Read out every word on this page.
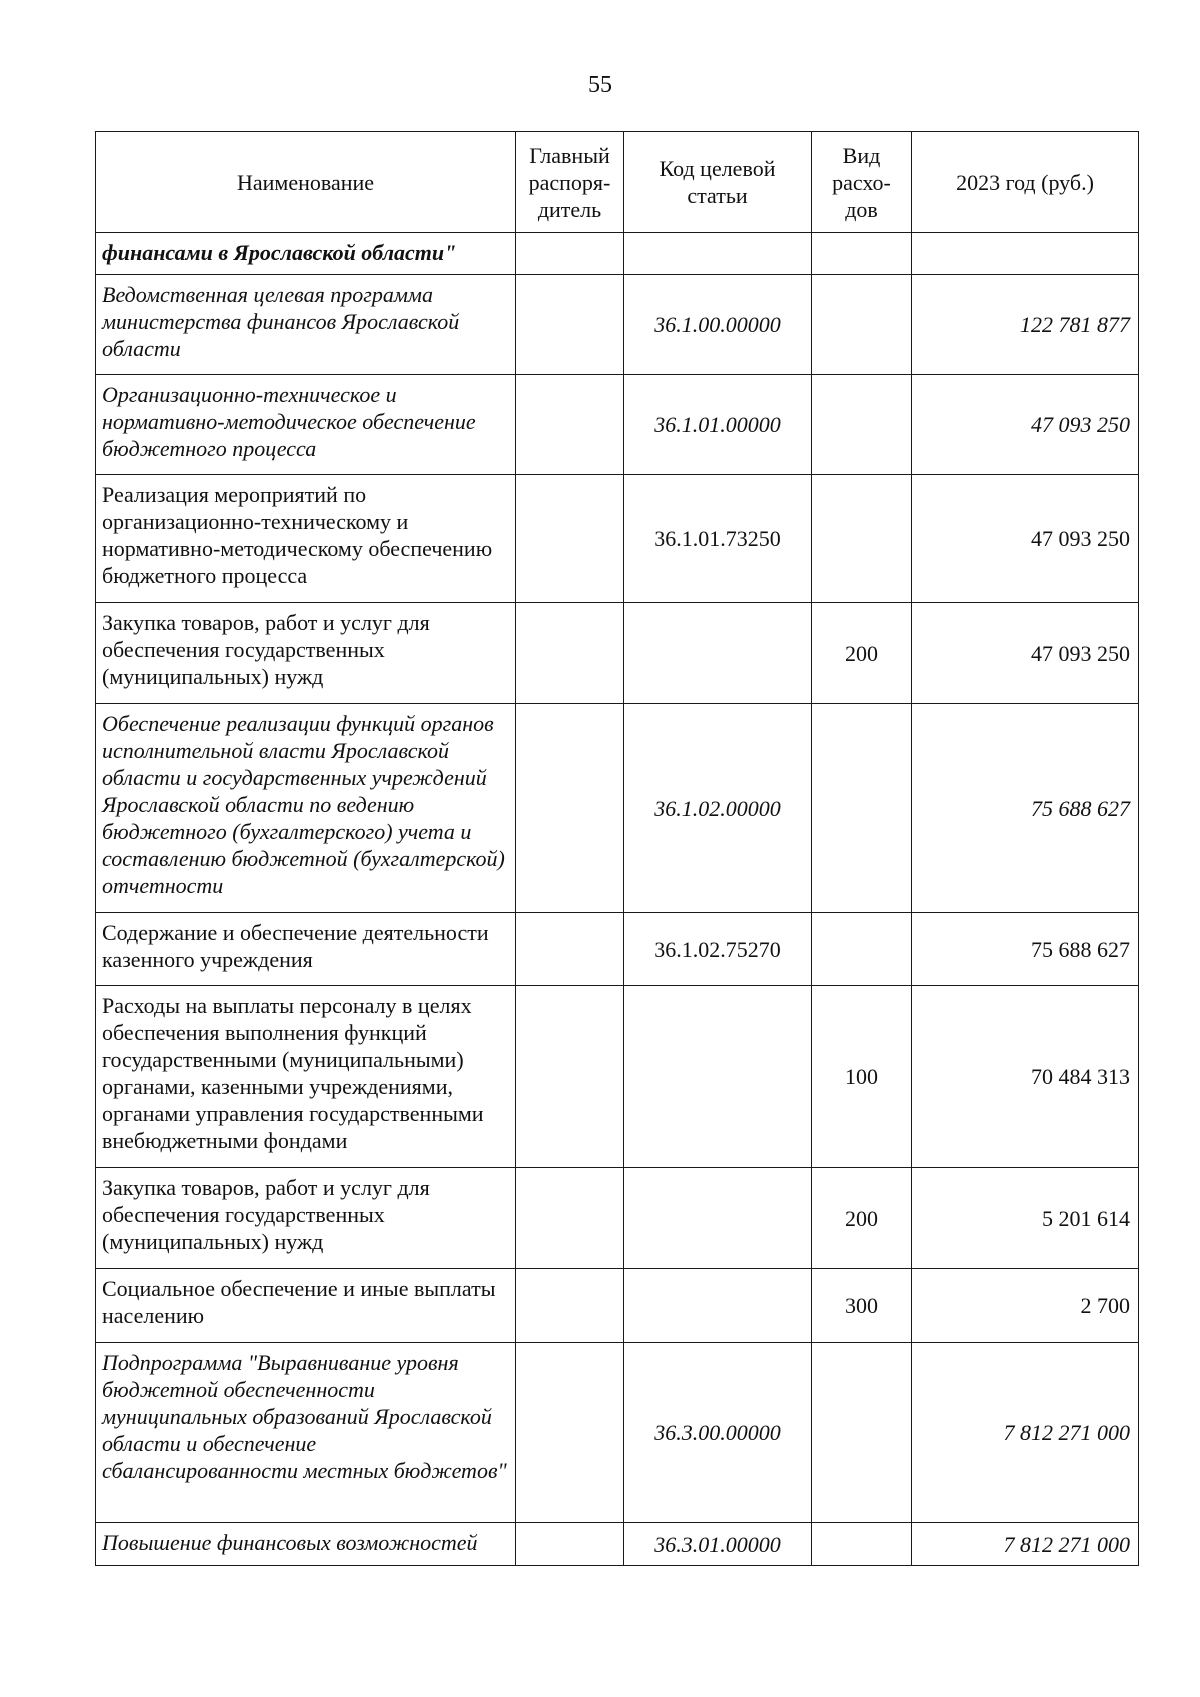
55
Наименование	Главный распоря- дитель	Код целевой статьи	Вид расхо- дов	2023 год (руб.)
финансами в Ярославской области"				
Ведомственная целевая программа министерства финансов Ярославской области		36.1.00.00000		122 781 877
Организационно-техническое и нормативно-методическое обеспечение бюджетного процесса		36.1.01.00000		47 093 250
Реализация мероприятий по организационно-техническому и нормативно-методическому обеспечению бюджетного процесса		36.1.01.73250		47 093 250
Закупка товаров, работ и услуг для обеспечения государственных (муниципальных) нужд			200	47 093 250
Обеспечение реализации функций органов исполнительной власти Ярославской области и государственных учреждений Ярославской области по ведению бюджетного (бухгалтерского) учета и составлению бюджетной (бухгалтерской) отчетности		36.1.02.00000		75 688 627
Содержание и обеспечение деятельности казенного учреждения		36.1.02.75270		75 688 627
Расходы на выплаты персоналу в целях обеспечения выполнения функций государственными (муниципальными) органами, казенными учреждениями, органами управления государственными внебюджетными фондами			100	70 484 313
Закупка товаров, работ и услуг для обеспечения государственных (муниципальных) нужд			200	5 201 614
Социальное обеспечение и иные выплаты населению			300	2 700
Подпрограмма "Выравнивание уровня бюджетной обеспеченности муниципальных образований Ярославской области и обеспечение сбалансированности местных бюджетов"		36.3.00.00000		7 812 271 000
Повышение финансовых возможностей		36.3.01.00000		7 812 271 000
